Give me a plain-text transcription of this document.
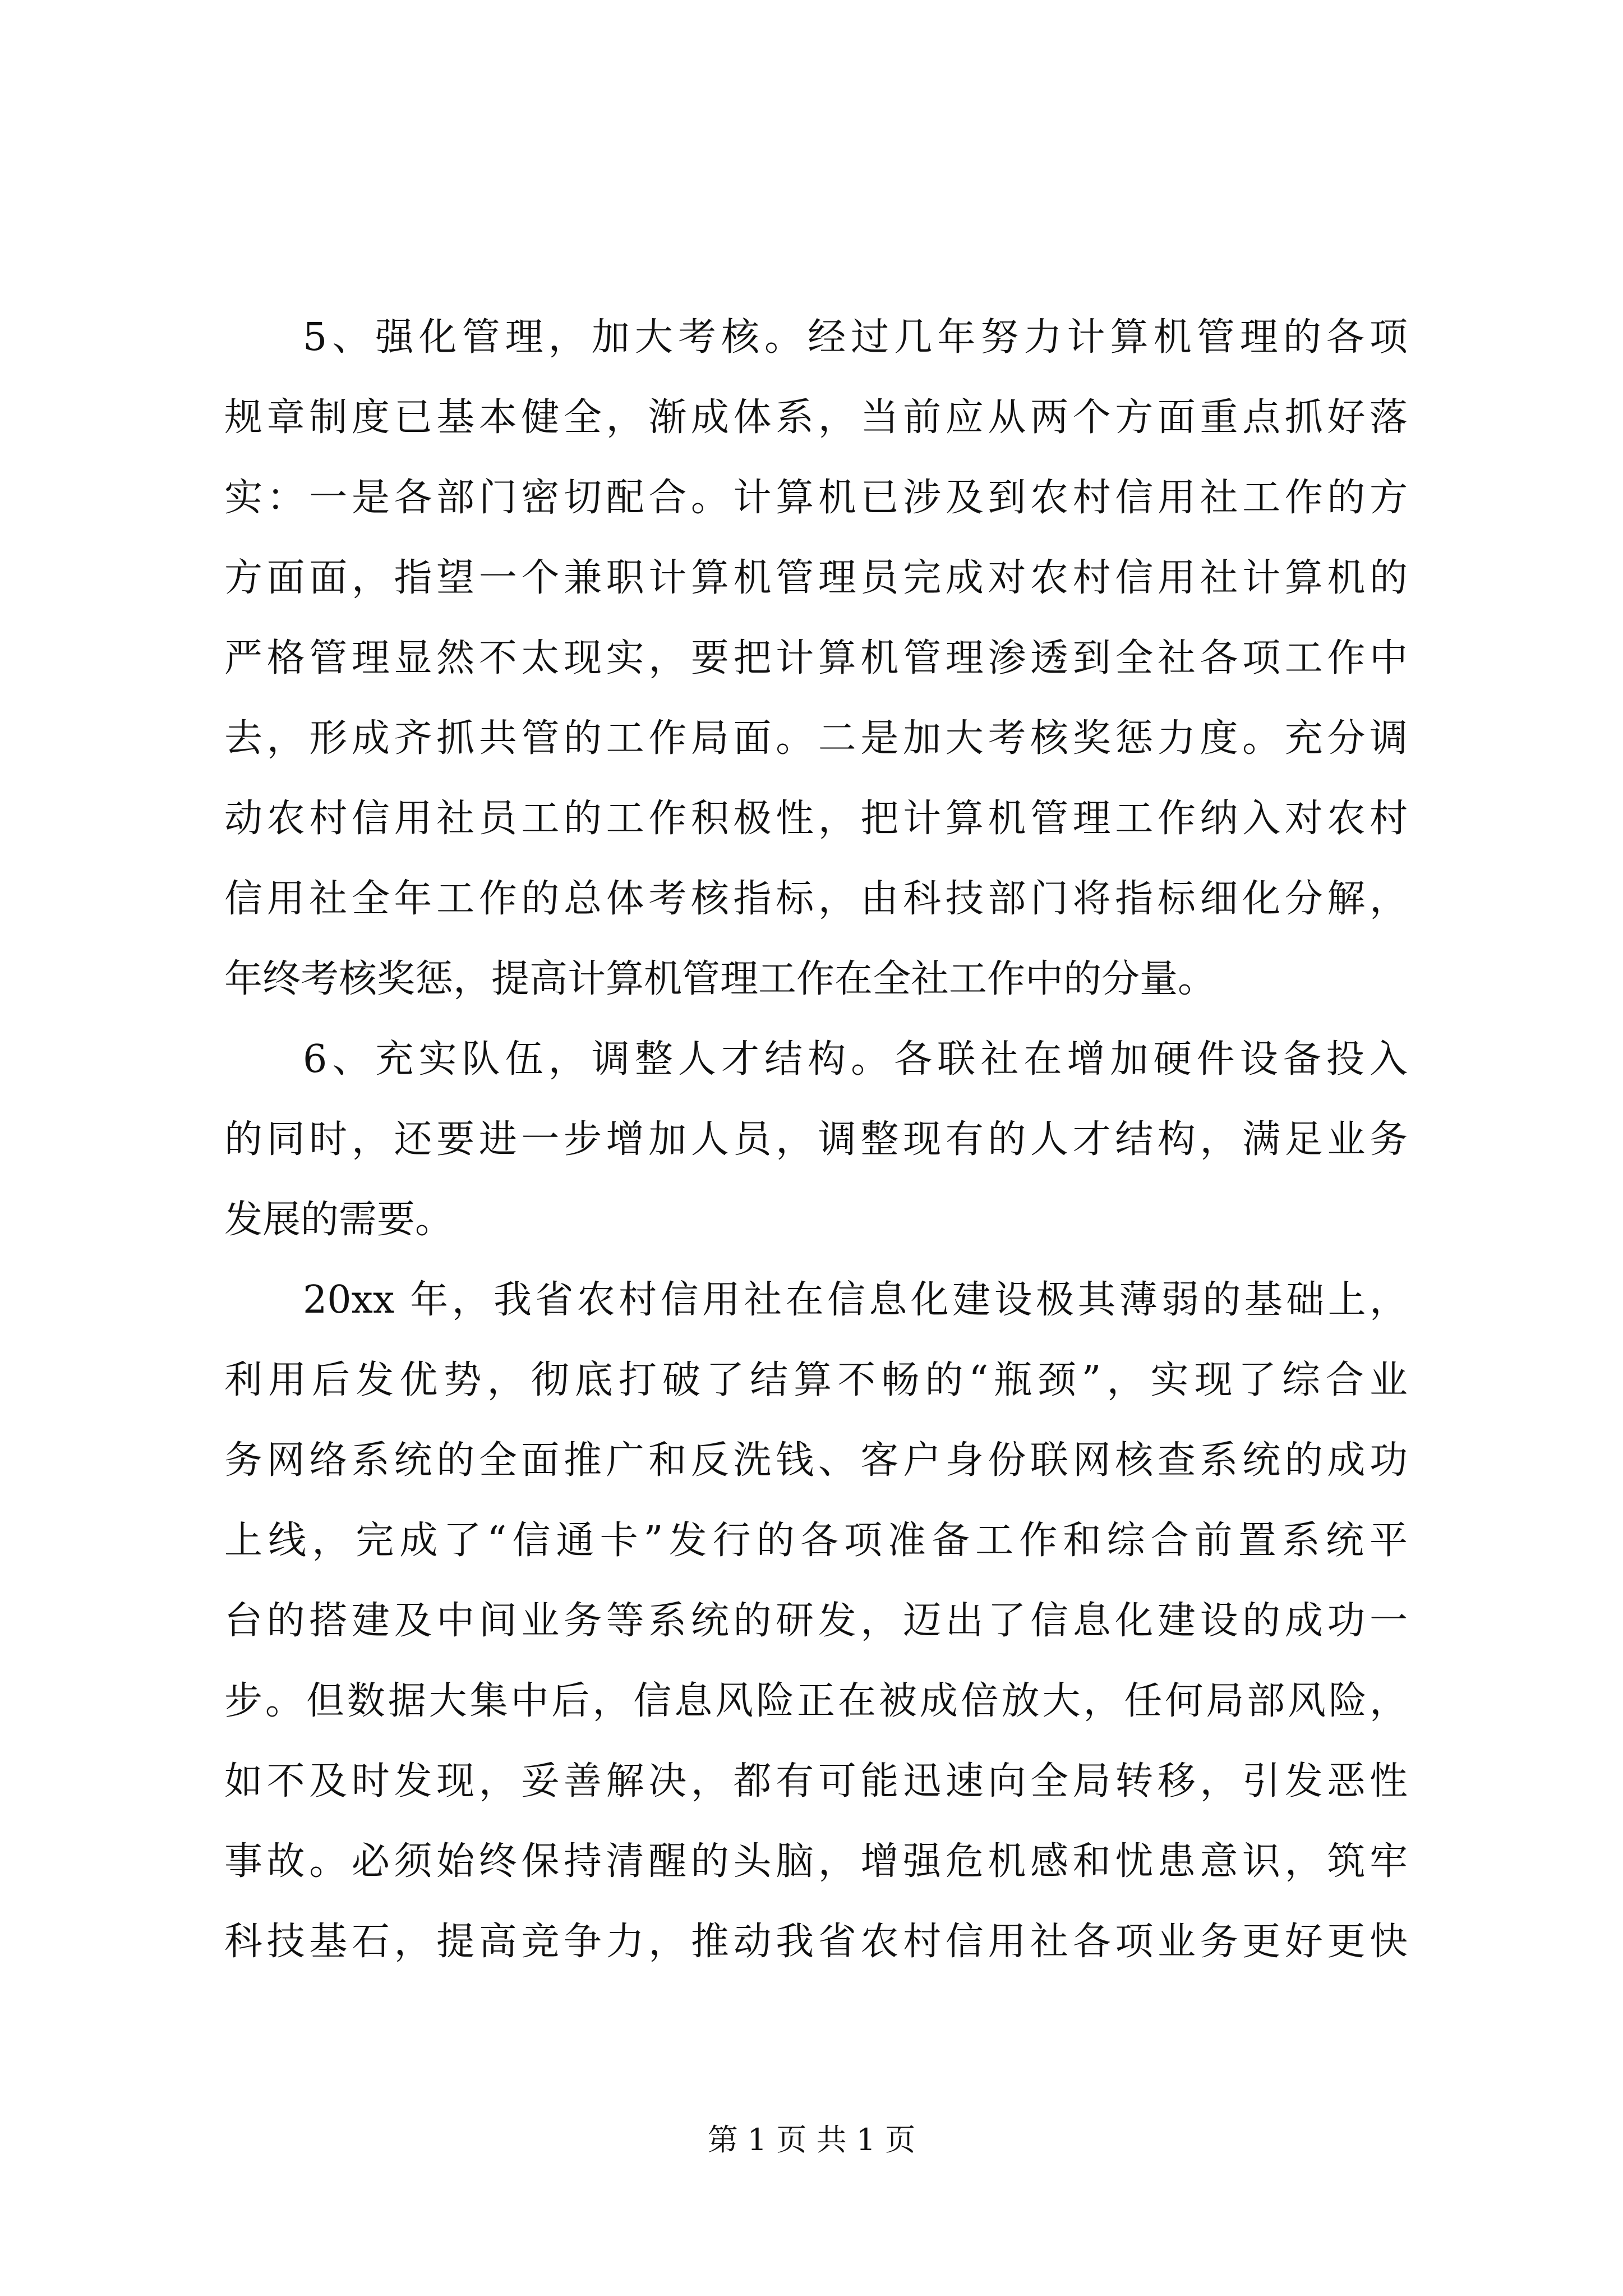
5、强化管理，加大考核。经过几年努力计算机管理的各项
规章制度已基本健全，渐成体系，当前应从两个方面重点抓好落
实：一是各部门密切配合。计算机已涉及到农村信用社工作的方
方面面，指望一个兼职计算机管理员完成对农村信用社计算机的
严格管理显然不太现实，要把计算机管理渗透到全社各项工作中
去，形成齐抓共管的工作局面。二是加大考核奖惩力度。充分调
动农村信用社员工的工作积极性，把计算机管理工作纳入对农村
信用社全年工作的总体考核指标，由科技部门将指标细化分解，
年终考核奖惩，提高计算机管理工作在全社工作中的分量。
6、充实队伍，调整人才结构。各联社在增加硬件设备投入
的同时，还要进一步增加人员，调整现有的人才结构，满足业务
发展的需要。
20xx 年，我省农村信用社在信息化建设极其薄弱的基础上，
利用后发优势，彻底打破了结算不畅的“瓶颈”，实现了综合业
务网络系统的全面推广和反洗钱、客户身份联网核查系统的成功
上线，完成了“信通卡”发行的各项准备工作和综合前置系统平
台的搭建及中间业务等系统的研发，迈出了信息化建设的成功一
步。但数据大集中后，信息风险正在被成倍放大，任何局部风险，
如不及时发现，妥善解决，都有可能迅速向全局转移，引发恶性
事故。必须始终保持清醒的头脑，增强危机感和忧患意识，筑牢
科技基石，提高竞争力，推动我省农村信用社各项业务更好更快
第 1 页 共 1 页
